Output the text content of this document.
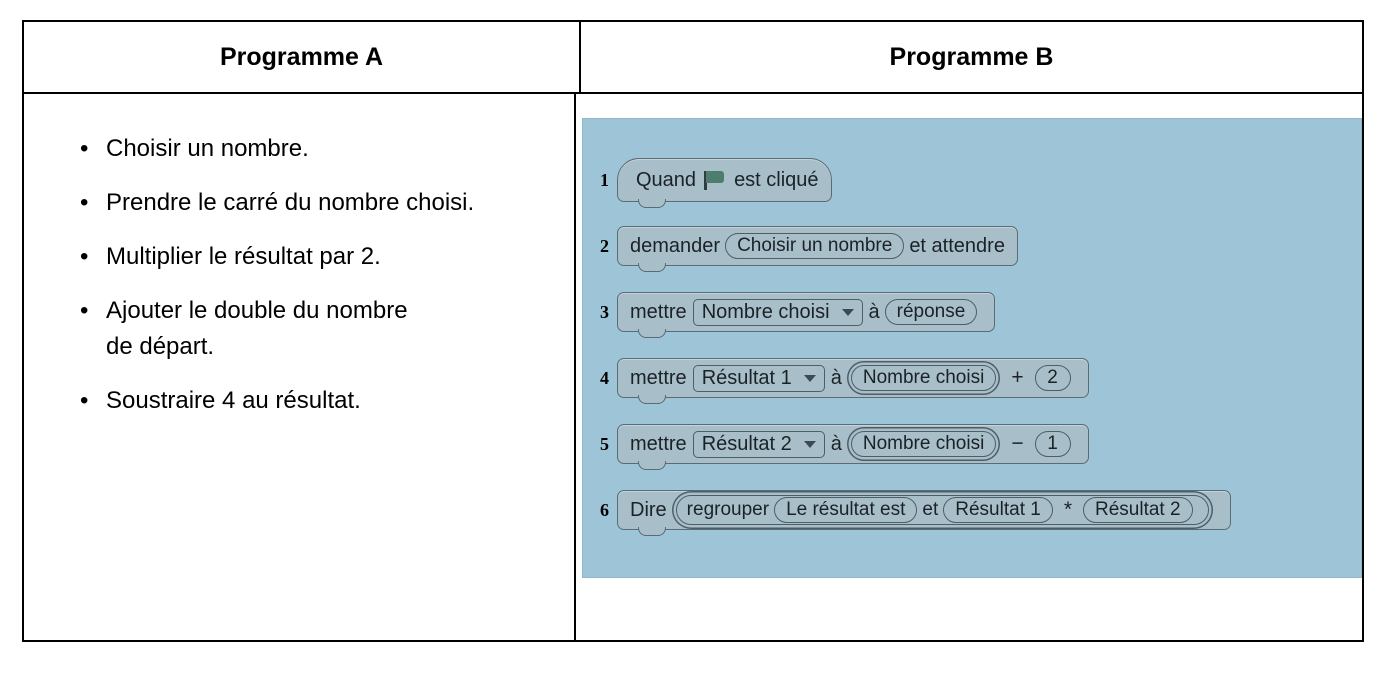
Programme A	Programme B
• Choisir un nombre.
• Prendre le carré du nombre choisi.
• Multiplier le résultat par 2.
• Ajouter le double du nombre
de départ.
• Soustraire 4 au résultat.
1 Quand est cliqué
2 demander Choisir un nombre et attendre
3 mettre Nombre choisi à réponse
4 mettre Résultat 1 à	Nombre choisi	+	2
5 mettre Résultat 2 à	Nombre choisi	−	1
6 Dire regrouper Le résultat est et Résultat 1	*	Résultat 2
